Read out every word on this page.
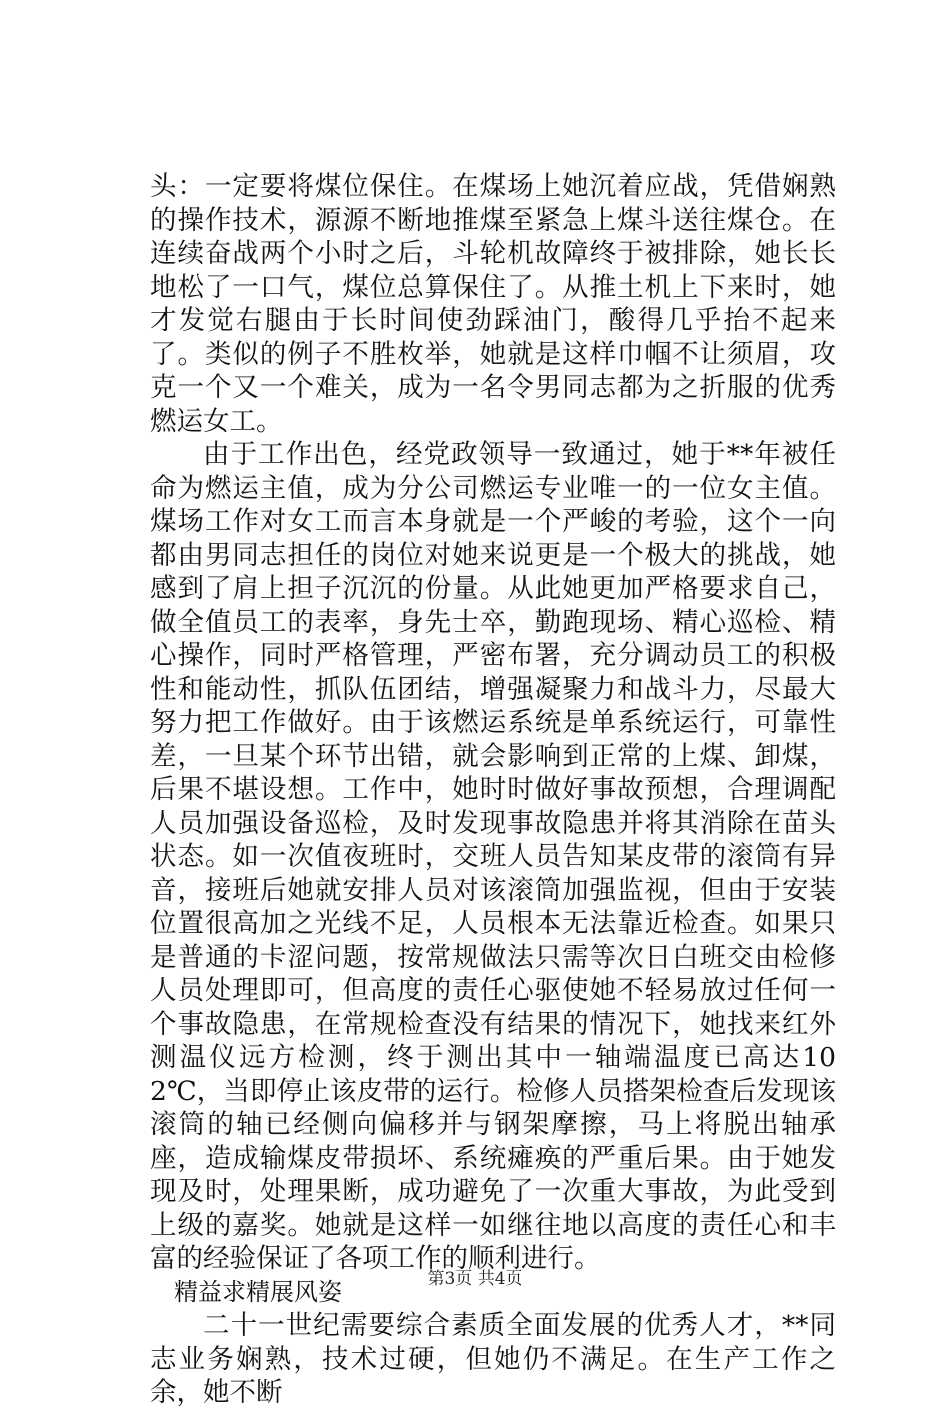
头：一定要将煤位保住。在煤场上她沉着应战，凭借娴熟的操作技术，源源不断地推煤至紧急上煤斗送往煤仓。在连续奋战两个小时之后，斗轮机故障终于被排除，她长长地松了一口气，煤位总算保住了。从推土机上下来时，她才发觉右腿由于长时间使劲踩油门，酸得几乎抬不起来了。类似的例子不胜枚举，她就是这样巾帼不让须眉，攻克一个又一个难关，成为一名令男同志都为之折服的优秀燃运女工。

由于工作出色，经党政领导一致通过，她于**年被任命为燃运主值，成为分公司燃运专业唯一的一位女主值。煤场工作对女工而言本身就是一个严峻的考验，这个一向都由男同志担任的岗位对她来说更是一个极大的挑战，她感到了肩上担子沉沉的份量。从此她更加严格要求自己，做全值员工的表率，身先士卒，勤跑现场、精心巡检、精心操作，同时严格管理，严密布署，充分调动员工的积极性和能动性，抓队伍团结，增强凝聚力和战斗力，尽最大努力把工作做好。由于该燃运系统是单系统运行，可靠性差，一旦某个环节出错，就会影响到正常的上煤、卸煤，后果不堪设想。工作中，她时时做好事故预想，合理调配人员加强设备巡检，及时发现事故隐患并将其消除在苗头状态。如一次值夜班时，交班人员告知某皮带的滚筒有异音，接班后她就安排人员对该滚筒加强监视，但由于安装位置很高加之光线不足，人员根本无法靠近检查。如果只是普通的卡涩问题，按常规做法只需等次日白班交由检修人员处理即可，但高度的责任心驱使她不轻易放过任何一个事故隐患，在常规检查没有结果的情况下，她找来红外测温仪远方检测，终于测出其中一轴端温度已高达102℃，当即停止该皮带的运行。检修人员搭架检查后发现该滚筒的轴已经侧向偏移并与钢架摩擦，马上将脱出轴承座，造成输煤皮带损坏、系统瘫痪的严重后果。由于她发现及时，处理果断，成功避免了一次重大事故，为此受到上级的嘉奖。她就是这样一如继往地以高度的责任心和丰富的经验保证了各项工作的顺利进行。

精益求精展风姿

二十一世纪需要综合素质全面发展的优秀人才，**同志业务娴熟，技术过硬，但她仍不满足。在生产工作之余，她不断

第3页 共4页
